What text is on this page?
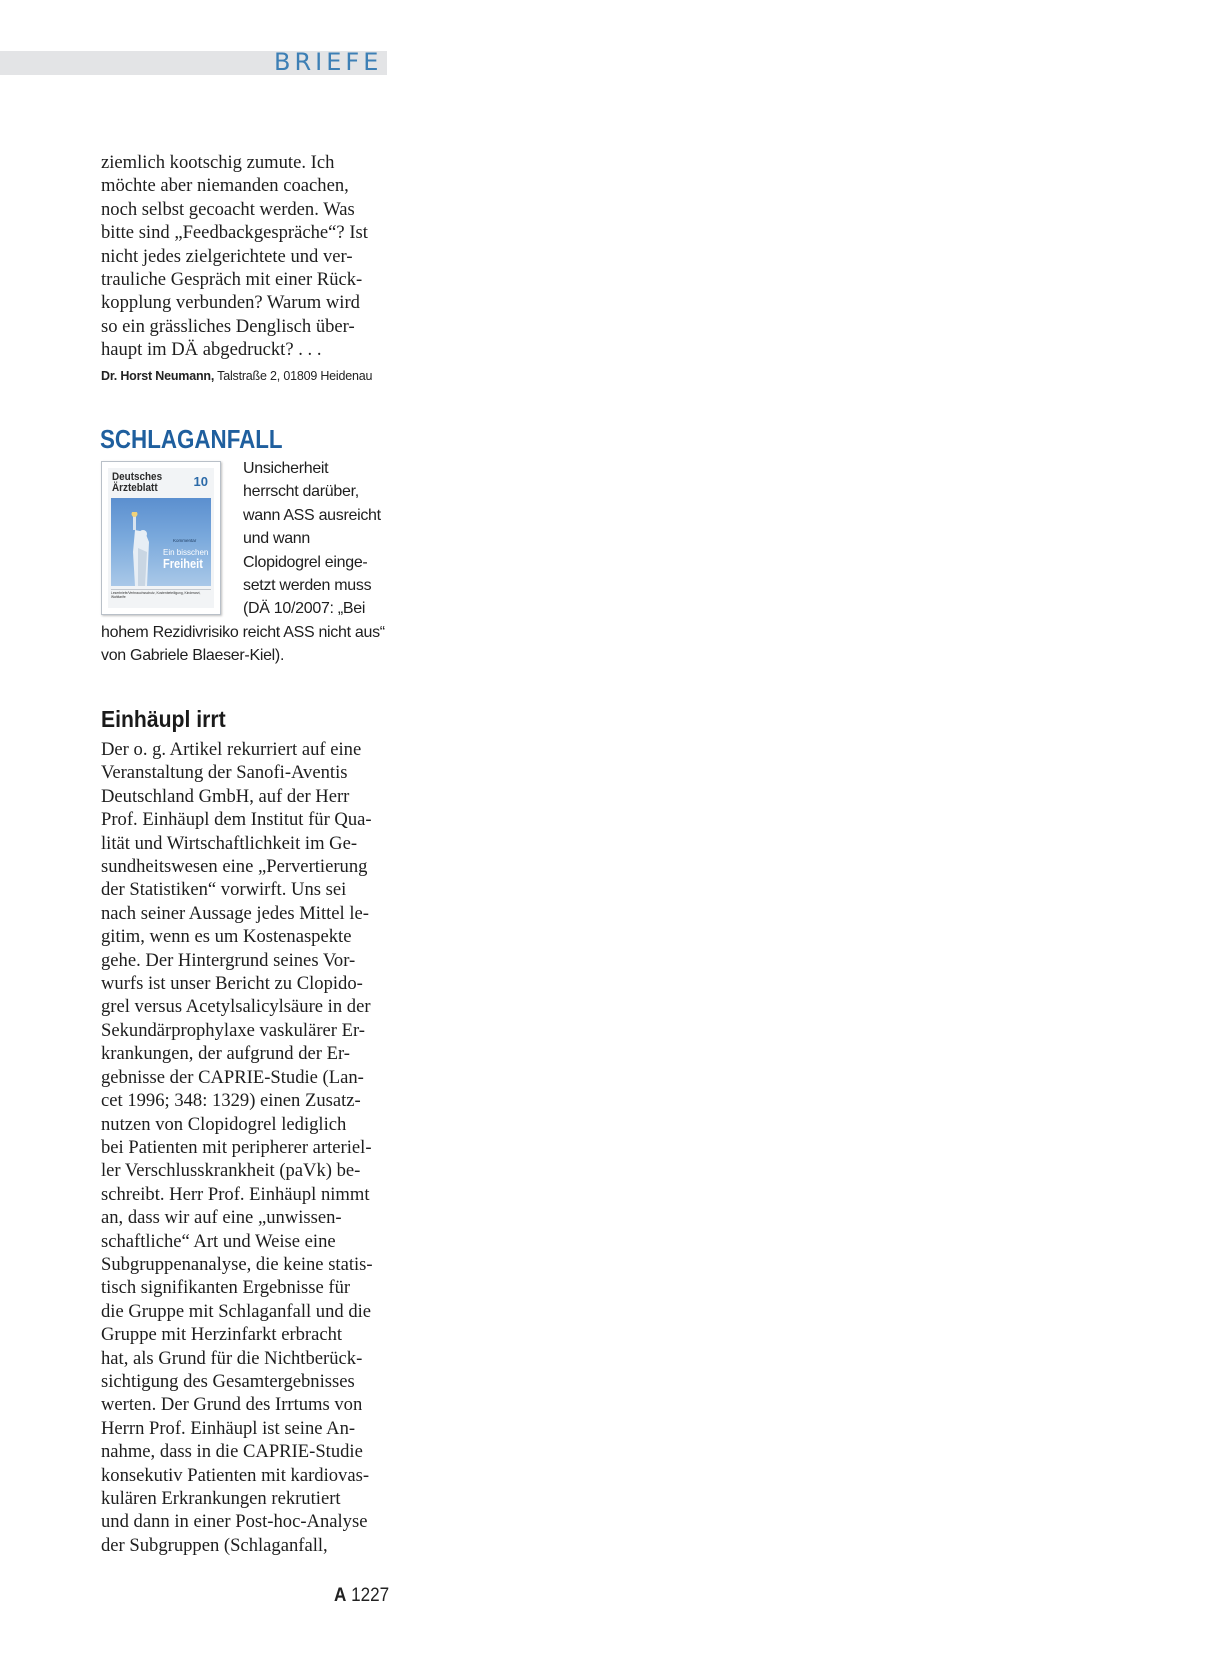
BRIEFE
ziemlich kootschig zumute. Ich
möchte aber niemanden coachen,
noch selbst gecoacht werden. Was
bitte sind „Feedbackgespräche“? Ist
nicht jedes zielgerichtete und ver-
trauliche Gespräch mit einer Rück-
kopplung verbunden? Warum wird
so ein grässliches Denglisch über-
haupt im DÄ abgedruckt? . . .

Dr. Horst Neumann, Talstraße 2, 01809 Heidenau

SCHLAGANFALL

Unsicherheit herrscht darüber, wann ASS ausreicht und wann Clopidogrel einge-setzt werden muss (DÄ 10/2007: „Bei hohem Rezidivrisiko reicht ASS nicht aus“ von Gabriele Blaeser-Kiel).

Deutsches Ärzteblatt	10
Kommentar
Ein bisschen
Freiheit
Leserbriefe/Verbrauchsschutz, Kostenbeteiligung, Kinderarzt, Wahltarife
Einhäupl irrt
Der o. g. Artikel rekurriert auf eine
Veranstaltung der Sanofi-Aventis
Deutschland GmbH, auf der Herr
Prof. Einhäupl dem Institut für Qua-
lität und Wirtschaftlichkeit im Ge-
sundheitswesen eine „Pervertierung
der Statistiken“ vorwirft. Uns sei
nach seiner Aussage jedes Mittel le-
gitim, wenn es um Kostenaspekte
gehe. Der Hintergrund seines Vor-
wurfs ist unser Bericht zu Clopido-
grel versus Acetylsalicylsäure in der
Sekundärprophylaxe vaskulärer Er-
krankungen, der aufgrund der Er-
gebnisse der CAPRIE-Studie (Lan-
cet 1996; 348: 1329) einen Zusatz-
nutzen von Clopidogrel lediglich
bei Patienten mit peripherer arteriel-
ler Verschlusskrankheit (paVk) be-
schreibt. Herr Prof. Einhäupl nimmt
an, dass wir auf eine „unwissen-
schaftliche“ Art und Weise eine
Subgruppenanalyse, die keine statis-
tisch signifikanten Ergebnisse für
die Gruppe mit Schlaganfall und die
Gruppe mit Herzinfarkt erbracht
hat, als Grund für die Nichtberück-
sichtigung des Gesamtergebnisses
werten. Der Grund des Irrtums von
Herrn Prof. Einhäupl ist seine An-
nahme, dass in die CAPRIE-Studie
konsekutiv Patienten mit kardiovas-
kulären Erkrankungen rekrutiert
und dann in einer Post-hoc-Analyse
der Subgruppen (Schlaganfall,
A 1227
